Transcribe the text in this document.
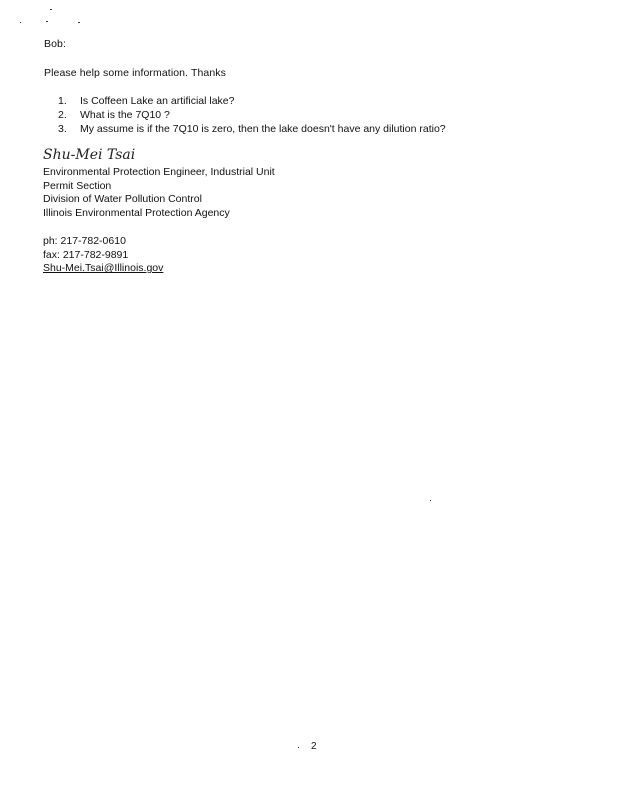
Bob:
Please help some information. Thanks
1. Is Coffeen Lake an artificial lake?
2. What is the 7Q10 ?
3. My assume is if the 7Q10 is zero, then the lake doesn't have any dilution ratio?
Shu-Mei Tsai
Environmental Protection Engineer, Industrial Unit
Permit Section
Division of Water Pollution Control
Illinois Environmental Protection Agency
ph: 217-782-0610
fax: 217-782-9891
Shu-Mei.Tsai@Illinois.gov
2
